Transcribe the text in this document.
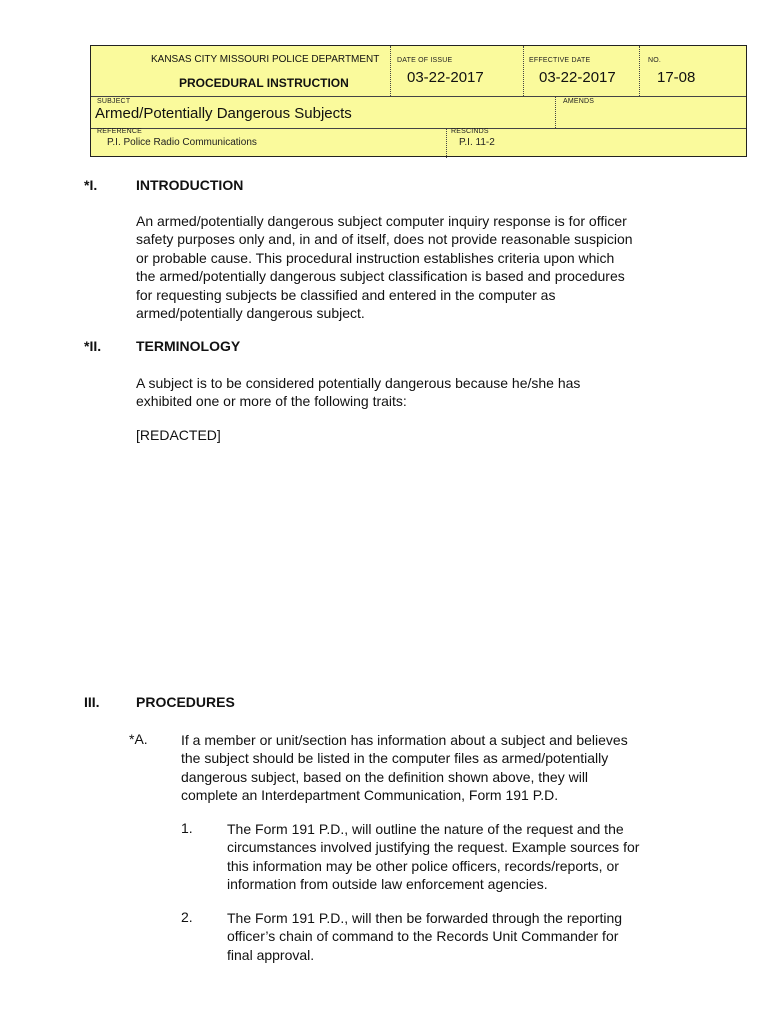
KANSAS CITY MISSOURI POLICE DEPARTMENT
PROCEDURAL INSTRUCTION
DATE OF ISSUE
03-22-2017
EFFECTIVE DATE
03-22-2017
NO.
17-08
SUBJECT
Armed/Potentially Dangerous Subjects
AMENDS
REFERENCE
P.I. Police Radio Communications
RESCINDS
P.I. 11-2
*I.	INTRODUCTION
An armed/potentially dangerous subject computer inquiry response is for officer
safety purposes only and, in and of itself, does not provide reasonable suspicion
or probable cause. This procedural instruction establishes criteria upon which
the armed/potentially dangerous subject classification is based and procedures
for requesting subjects be classified and entered in the computer as
armed/potentially dangerous subject.
*II. TERMINOLOGY
A subject is to be considered potentially dangerous because he/she has
exhibited one or more of the following traits:
[REDACTED]
III.	PROCEDURES
*A. If a member or unit/section has information about a subject and believes
the subject should be listed in the computer files as armed/potentially
dangerous subject, based on the definition shown above, they will
complete an Interdepartment Communication, Form 191 P.D.
1. The Form 191 P.D., will outline the nature of the request and the
circumstances involved justifying the request. Example sources for
this information may be other police officers, records/reports, or
information from outside law enforcement agencies.
2. The Form 191 P.D., will then be forwarded through the reporting
officer’s chain of command to the Records Unit Commander for
final approval.
